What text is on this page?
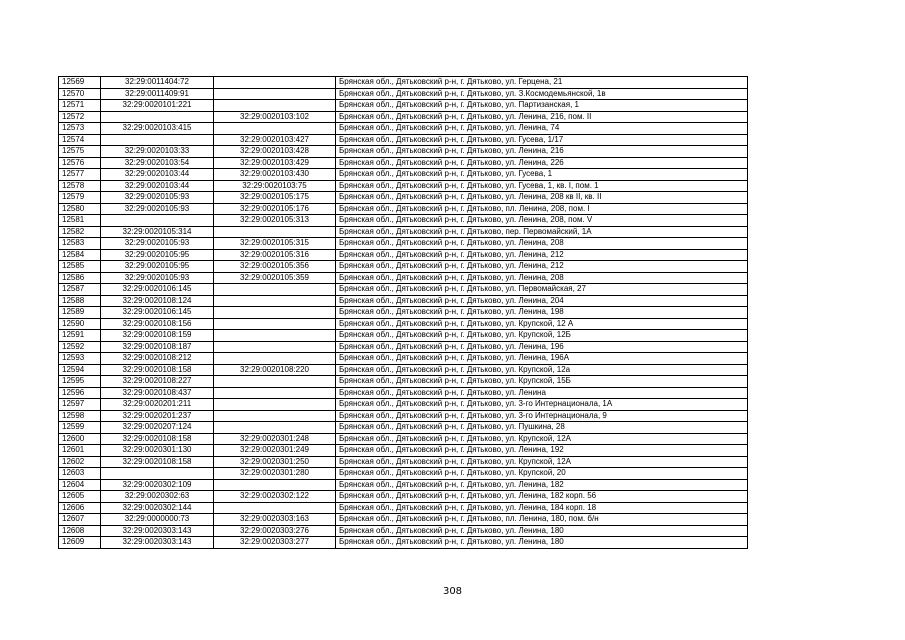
12569	32:29:0011404:72		Брянская обл., Дятьковский р-н, г. Дятьково, ул. Герцена, 21
12570	32:29:0011409:91		Брянская обл., Дятьковский р-н, г. Дятьково, ул. З.Космодемьянской, 1в
12571	32:29:0020101:221		Брянская обл., Дятьковский р-н, г. Дятьково, ул. Партизанская, 1
12572		32:29:0020103:102	Брянская обл., Дятьковский р-н, г. Дятьково, ул. Ленина, 216, пом. II
12573	32:29:0020103:415		Брянская обл., Дятьковский р-н, г. Дятьково, ул. Ленина, 74
12574		32:29:0020103:427	Брянская обл., Дятьковский р-н, г. Дятьково, ул. Гусева, 1/17
12575	32:29:0020103:33	32:29:0020103:428	Брянская обл., Дятьковский р-н, г. Дятьково, ул. Ленина, 216
12576	32:29:0020103:54	32:29:0020103:429	Брянская обл., Дятьковский р-н, г. Дятьково, ул. Ленина, 226
12577	32:29:0020103:44	32:29:0020103:430	Брянская обл., Дятьковский р-н, г. Дятьково, ул. Гусева, 1
12578	32:29:0020103:44	32:29:0020103:75	Брянская обл., Дятьковский р-н, г. Дятьково, ул. Гусева, 1, кв. I, пом. 1
12579	32:29:0020105:93	32:29:0020105:175	Брянская обл., Дятьковский р-н, г. Дятьково, ул. Ленина, 208 кв II, кв. II
12580	32:29:0020105:93	32:29:0020105:176	Брянская обл., Дятьковский р-н, г. Дятьково, пл. Ленина, 208, пом. I
12581		32:29:0020105:313	Брянская обл., Дятьковский р-н, г. Дятьково, ул. Ленина, 208, пом. V
12582	32:29:0020105:314		Брянская обл., Дятьковский р-н, г. Дятьково, пер. Первомайский, 1А
12583	32:29:0020105:93	32:29:0020105:315	Брянская обл., Дятьковский р-н, г. Дятьково, ул. Ленина, 208
12584	32:29:0020105:95	32:29:0020105:316	Брянская обл., Дятьковский р-н, г. Дятьково, ул. Ленина, 212
12585	32:29:0020105:95	32:29:0020105:356	Брянская обл., Дятьковский р-н, г. Дятьково, ул. Ленина, 212
12586	32:29:0020105:93	32:29:0020105:359	Брянская обл., Дятьковский р-н, г. Дятьково, ул. Ленина, 208
12587	32:29:0020106:145		Брянская обл., Дятьковский р-н, г. Дятьково, ул. Первомайская, 27
12588	32:29:0020108:124		Брянская обл., Дятьковский р-н, г. Дятьково, ул. Ленина, 204
12589	32:29:0020106:145		Брянская обл., Дятьковский р-н, г. Дятьково, ул. Ленина, 198
12590	32:29:0020108:156		Брянская обл., Дятьковский р-н, г. Дятьково, ул. Крупской, 12 А
12591	32:29:0020108:159		Брянская обл., Дятьковский р-н, г. Дятьково, ул. Крупской, 12Б
12592	32:29:0020108:187		Брянская обл., Дятьковский р-н, г. Дятьково, ул. Ленина, 196
12593	32:29:0020108:212		Брянская обл., Дятьковский р-н, г. Дятьково, ул. Ленина, 196А
12594	32:29:0020108:158	32:29:0020108:220	Брянская обл., Дятьковский р-н, г. Дятьково, ул. Крупской, 12а
12595	32:29:0020108:227		Брянская обл., Дятьковский р-н, г. Дятьково, ул. Крупской, 15Б
12596	32:29:0020108:437		Брянская обл., Дятьковский р-н, г. Дятьково, ул. Ленина
12597	32:29:0020201:211		Брянская обл., Дятьковский р-н, г. Дятьково, ул. 3-го Интернационала, 1А
12598	32:29:0020201:237		Брянская обл., Дятьковский р-н, г. Дятьково, ул. 3-го Интернационала, 9
12599	32:29:0020207:124		Брянская обл., Дятьковский р-н, г. Дятьково, ул. Пушкина, 28
12600	32:29:0020108:158	32:29:0020301:248	Брянская обл., Дятьковский р-н, г. Дятьково, ул. Крупской, 12А
12601	32:29:0020301:130	32:29:0020301:249	Брянская обл., Дятьковский р-н, г. Дятьково, ул. Ленина, 192
12602	32:29:0020108:158	32:29:0020301:250	Брянская обл., Дятьковский р-н, г. Дятьково, ул. Крупской, 12А
12603		32:29:0020301:280	Брянская обл., Дятьковский р-н, г. Дятьково, ул. Крупской, 20
12604	32:29:0020302:109		Брянская обл., Дятьковский р-н, г. Дятьково, ул. Ленина, 182
12605	32:29:0020302:63	32:29:0020302:122	Брянская обл., Дятьковский р-н, г. Дятьково, ул. Ленина, 182 корп. 56
12606	32:29:0020302:144		Брянская обл., Дятьковский р-н, г. Дятьково, ул. Ленина, 184 корп. 18
12607	32:29:0000000:73	32:29:0020303:163	Брянская обл., Дятьковский р-н, г. Дятьково, пл. Ленина, 180, пом. б/н
12608	32:29:0020303:143	32:29:0020303:276	Брянская обл., Дятьковский р-н, г. Дятьково, ул. Ленина, 180
12609	32:29:0020303:143	32:29:0020303:277	Брянская обл., Дятьковский р-н, г. Дятьково, ул. Ленина, 180
308
